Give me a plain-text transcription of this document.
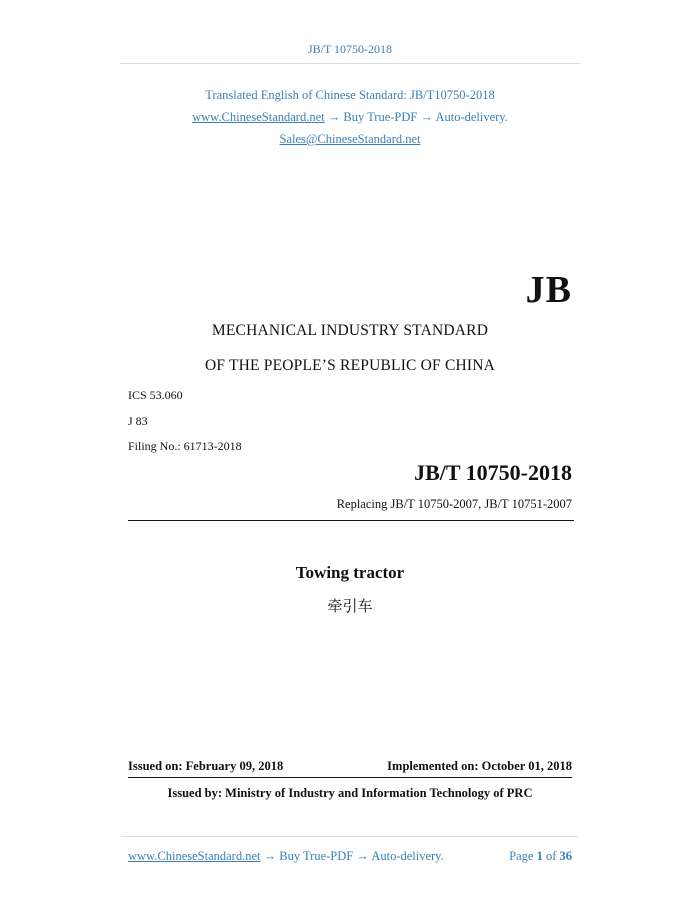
JB/T 10750-2018
Translated English of Chinese Standard: JB/T10750-2018
www.ChineseStandard.net → Buy True-PDF → Auto-delivery.
Sales@ChineseStandard.net
JB
MECHANICAL INDUSTRY STANDARD
OF THE PEOPLE’S REPUBLIC OF CHINA
ICS 53.060
J 83
Filing No.: 61713-2018
JB/T 10750-2018
Replacing JB/T 10750-2007, JB/T 10751-2007
Towing tractor
牵引车
Issued on: February 09, 2018	Implemented on: October 01, 2018
Issued by: Ministry of Industry and Information Technology of PRC
www.ChineseStandard.net → Buy True-PDF → Auto-delivery.	Page 1 of 36
